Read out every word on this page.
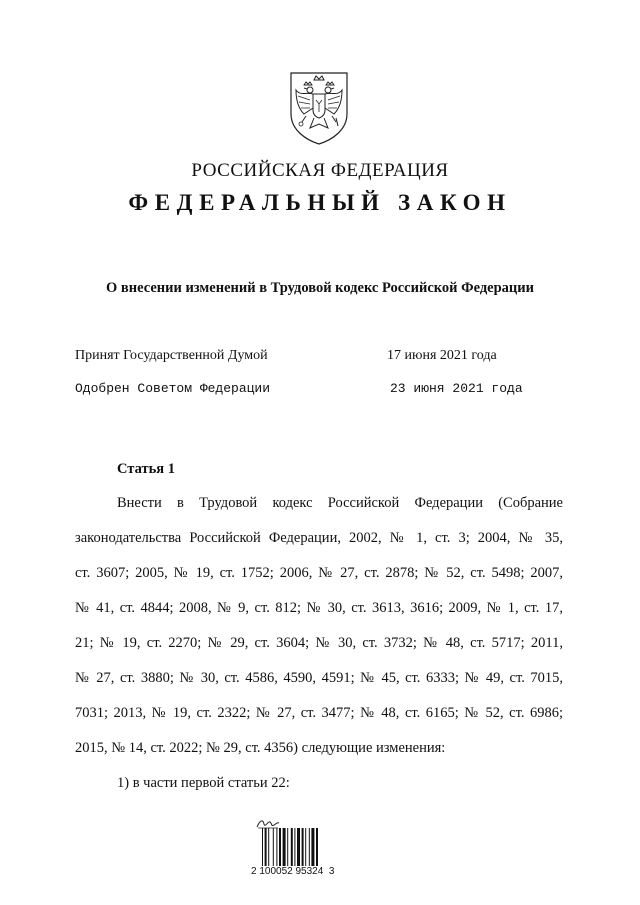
РОССИЙСКАЯ ФЕДЕРАЦИЯ
ФЕДЕРАЛЬНЫЙ ЗАКОН
О внесении изменений в Трудовой кодекс Российской Федерации
Принят Государственной Думой	17 июня 2021 года
Одобрен Советом Федерации	23 июня 2021 года
Статья 1
Внести в Трудовой кодекс Российской Федерации (Собрание
законодательства Российской Федерации, 2002, № 1, ст. 3; 2004, № 35,
ст. 3607; 2005, № 19, ст. 1752; 2006, № 27, ст. 2878; № 52, ст. 5498; 2007,
№ 41, ст. 4844; 2008, № 9, ст. 812; № 30, ст. 3613, 3616; 2009, № 1, ст. 17,
21; № 19, ст. 2270; № 29, ст. 3604; № 30, ст. 3732; № 48, ст. 5717; 2011,
№ 27, ст. 3880; № 30, ст. 4586, 4590, 4591; № 45, ст. 6333; № 49, ст. 7015,
7031; 2013, № 19, ст. 2322; № 27, ст. 3477; № 48, ст. 6165; № 52, ст. 6986;
2015, № 14, ст. 2022; № 29, ст. 4356) следующие изменения:
1) в части первой статьи 22:
2 100052 95324  3
